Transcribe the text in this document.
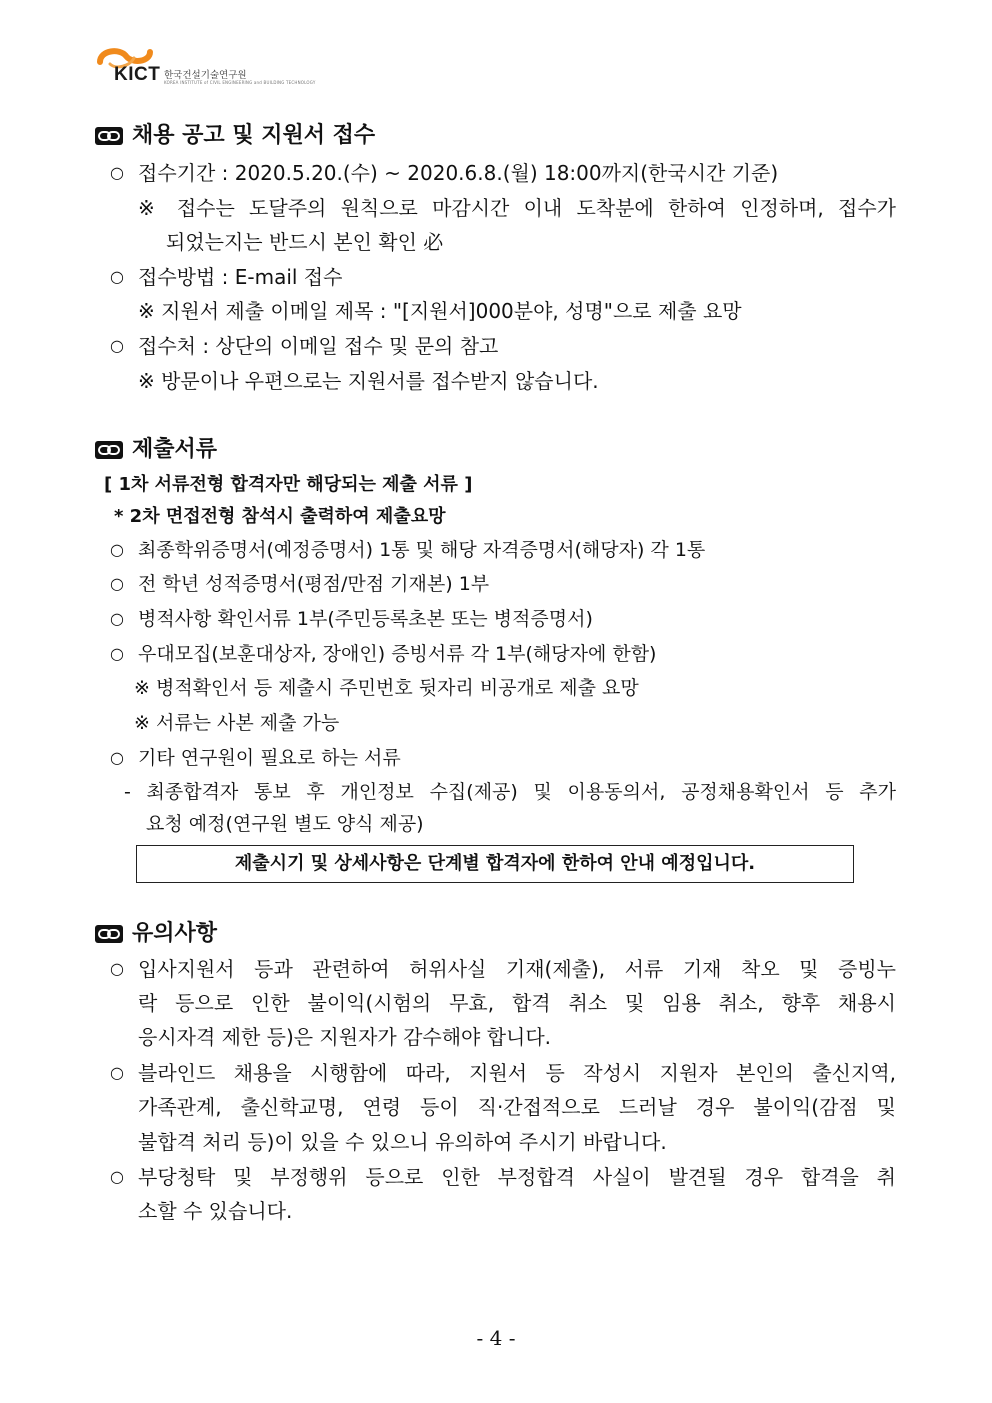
KICT 한국건설기술연구원
KOREA INSTITUTE of CIVIL ENGINEERING and BUILDING TECHNOLOGY
채용 공고 및 지원서 접수
○ 접수기간 : 2020.5.20.(수) ~ 2020.6.8.(월) 18:00까지(한국시간 기준)
※ 접수는 도달주의 원칙으로 마감시간 이내 도착분에 한하여 인정하며, 접수가
되었는지는 반드시 본인 확인 必
○ 접수방법 : E-mail 접수
※ 지원서 제출 이메일 제목 : "[지원서]000분야, 성명"으로 제출 요망
○ 접수처 : 상단의 이메일 접수 및 문의 참고
※ 방문이나 우편으로는 지원서를 접수받지 않습니다.
제출서류
[ 1차 서류전형 합격자만 해당되는 제출 서류 ]
* 2차 면접전형 참석시 출력하여 제출요망
○ 최종학위증명서(예정증명서) 1통 및 해당 자격증명서(해당자) 각 1통
○ 전 학년 성적증명서(평점/만점 기재본) 1부
○ 병적사항 확인서류 1부(주민등록초본 또는 병적증명서)
○ 우대모집(보훈대상자, 장애인) 증빙서류 각 1부(해당자에 한함)
※ 병적확인서 등 제출시 주민번호 뒷자리 비공개로 제출 요망
※ 서류는 사본 제출 가능
○ 기타 연구원이 필요로 하는 서류
- 최종합격자 통보 후 개인정보 수집(제공) 및 이용동의서, 공정채용확인서 등 추가
요청 예정(연구원 별도 양식 제공)
제출시기 및 상세사항은 단계별 합격자에 한하여 안내 예정입니다.
유의사항
○ 입사지원서 등과 관련하여 허위사실 기재(제출), 서류 기재 착오 및 증빙누
락 등으로 인한 불이익(시험의 무효, 합격 취소 및 임용 취소, 향후 채용시
응시자격 제한 등)은 지원자가 감수해야 합니다.
○ 블라인드 채용을 시행함에 따라, 지원서 등 작성시 지원자 본인의 출신지역,
가족관계, 출신학교명, 연령 등이 직·간접적으로 드러날 경우 불이익(감점 및
불합격 처리 등)이 있을 수 있으니 유의하여 주시기 바랍니다.
○ 부당청탁 및 부정행위 등으로 인한 부정합격 사실이 발견될 경우 합격을 취
소할 수 있습니다.
- 4 -
